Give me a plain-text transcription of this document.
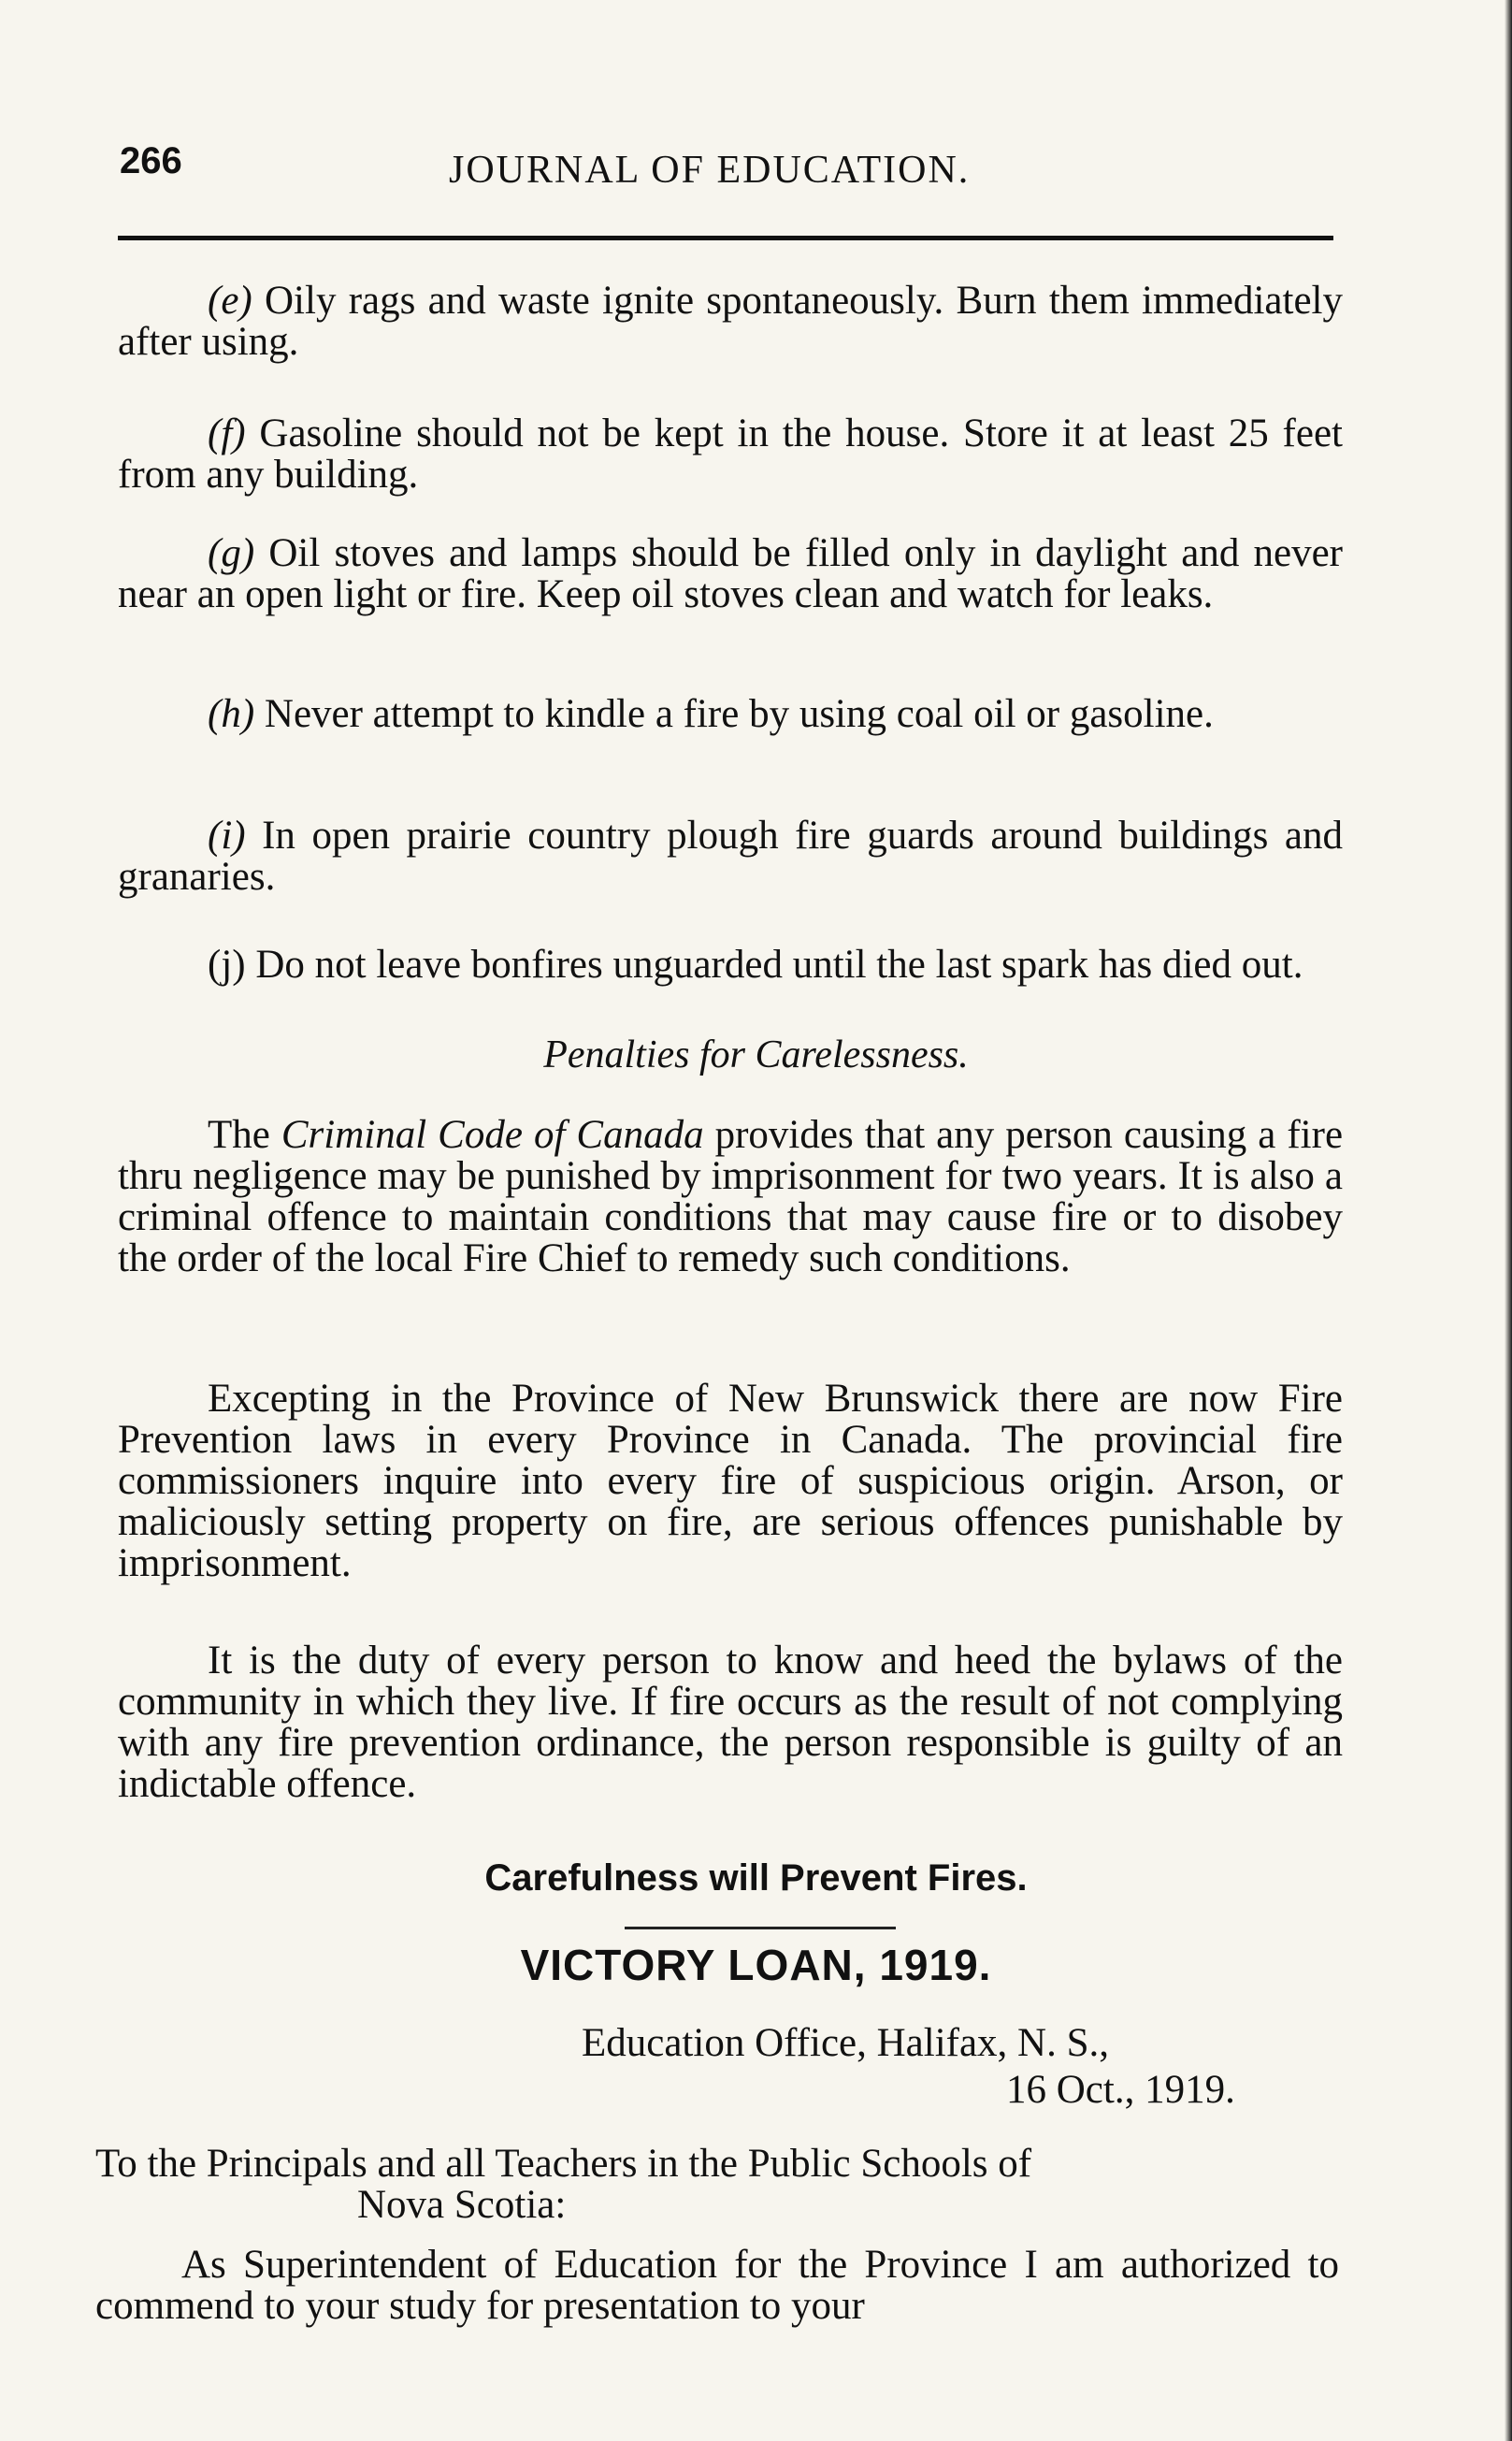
266	JOURNAL OF EDUCATION.
(e) Oily rags and waste ignite spontaneously. Burn them immediately after using.
(f) Gasoline should not be kept in the house. Store it at least 25 feet from any building.
(g) Oil stoves and lamps should be filled only in daylight and never near an open light or fire. Keep oil stoves clean and watch for leaks.
(h) Never attempt to kindle a fire by using coal oil or gasoline.
(i) In open prairie country plough fire guards around buildings and granaries.
(j) Do not leave bonfires unguarded until the last spark has died out.
Penalties for Carelessness.
The Criminal Code of Canada provides that any person causing a fire thru negligence may be punished by imprisonment for two years. It is also a criminal offence to maintain conditions that may cause fire or to disobey the order of the local Fire Chief to remedy such conditions.
Excepting in the Province of New Brunswick there are now Fire Prevention laws in every Province in Canada. The provincial fire commissioners inquire into every fire of suspicious origin. Arson, or maliciously setting property on fire, are serious offences punishable by imprisonment.
It is the duty of every person to know and heed the bylaws of the community in which they live. If fire occurs as the result of not complying with any fire prevention ordinance, the person responsible is guilty of an indictable offence.
Carefulness will Prevent Fires.
VICTORY LOAN, 1919.
Education Office, Halifax, N. S.,
16 Oct., 1919.
To the Principals and all Teachers in the Public Schools of
Nova Scotia:
As Superintendent of Education for the Province I am authorized to commend to your study for presentation to your
